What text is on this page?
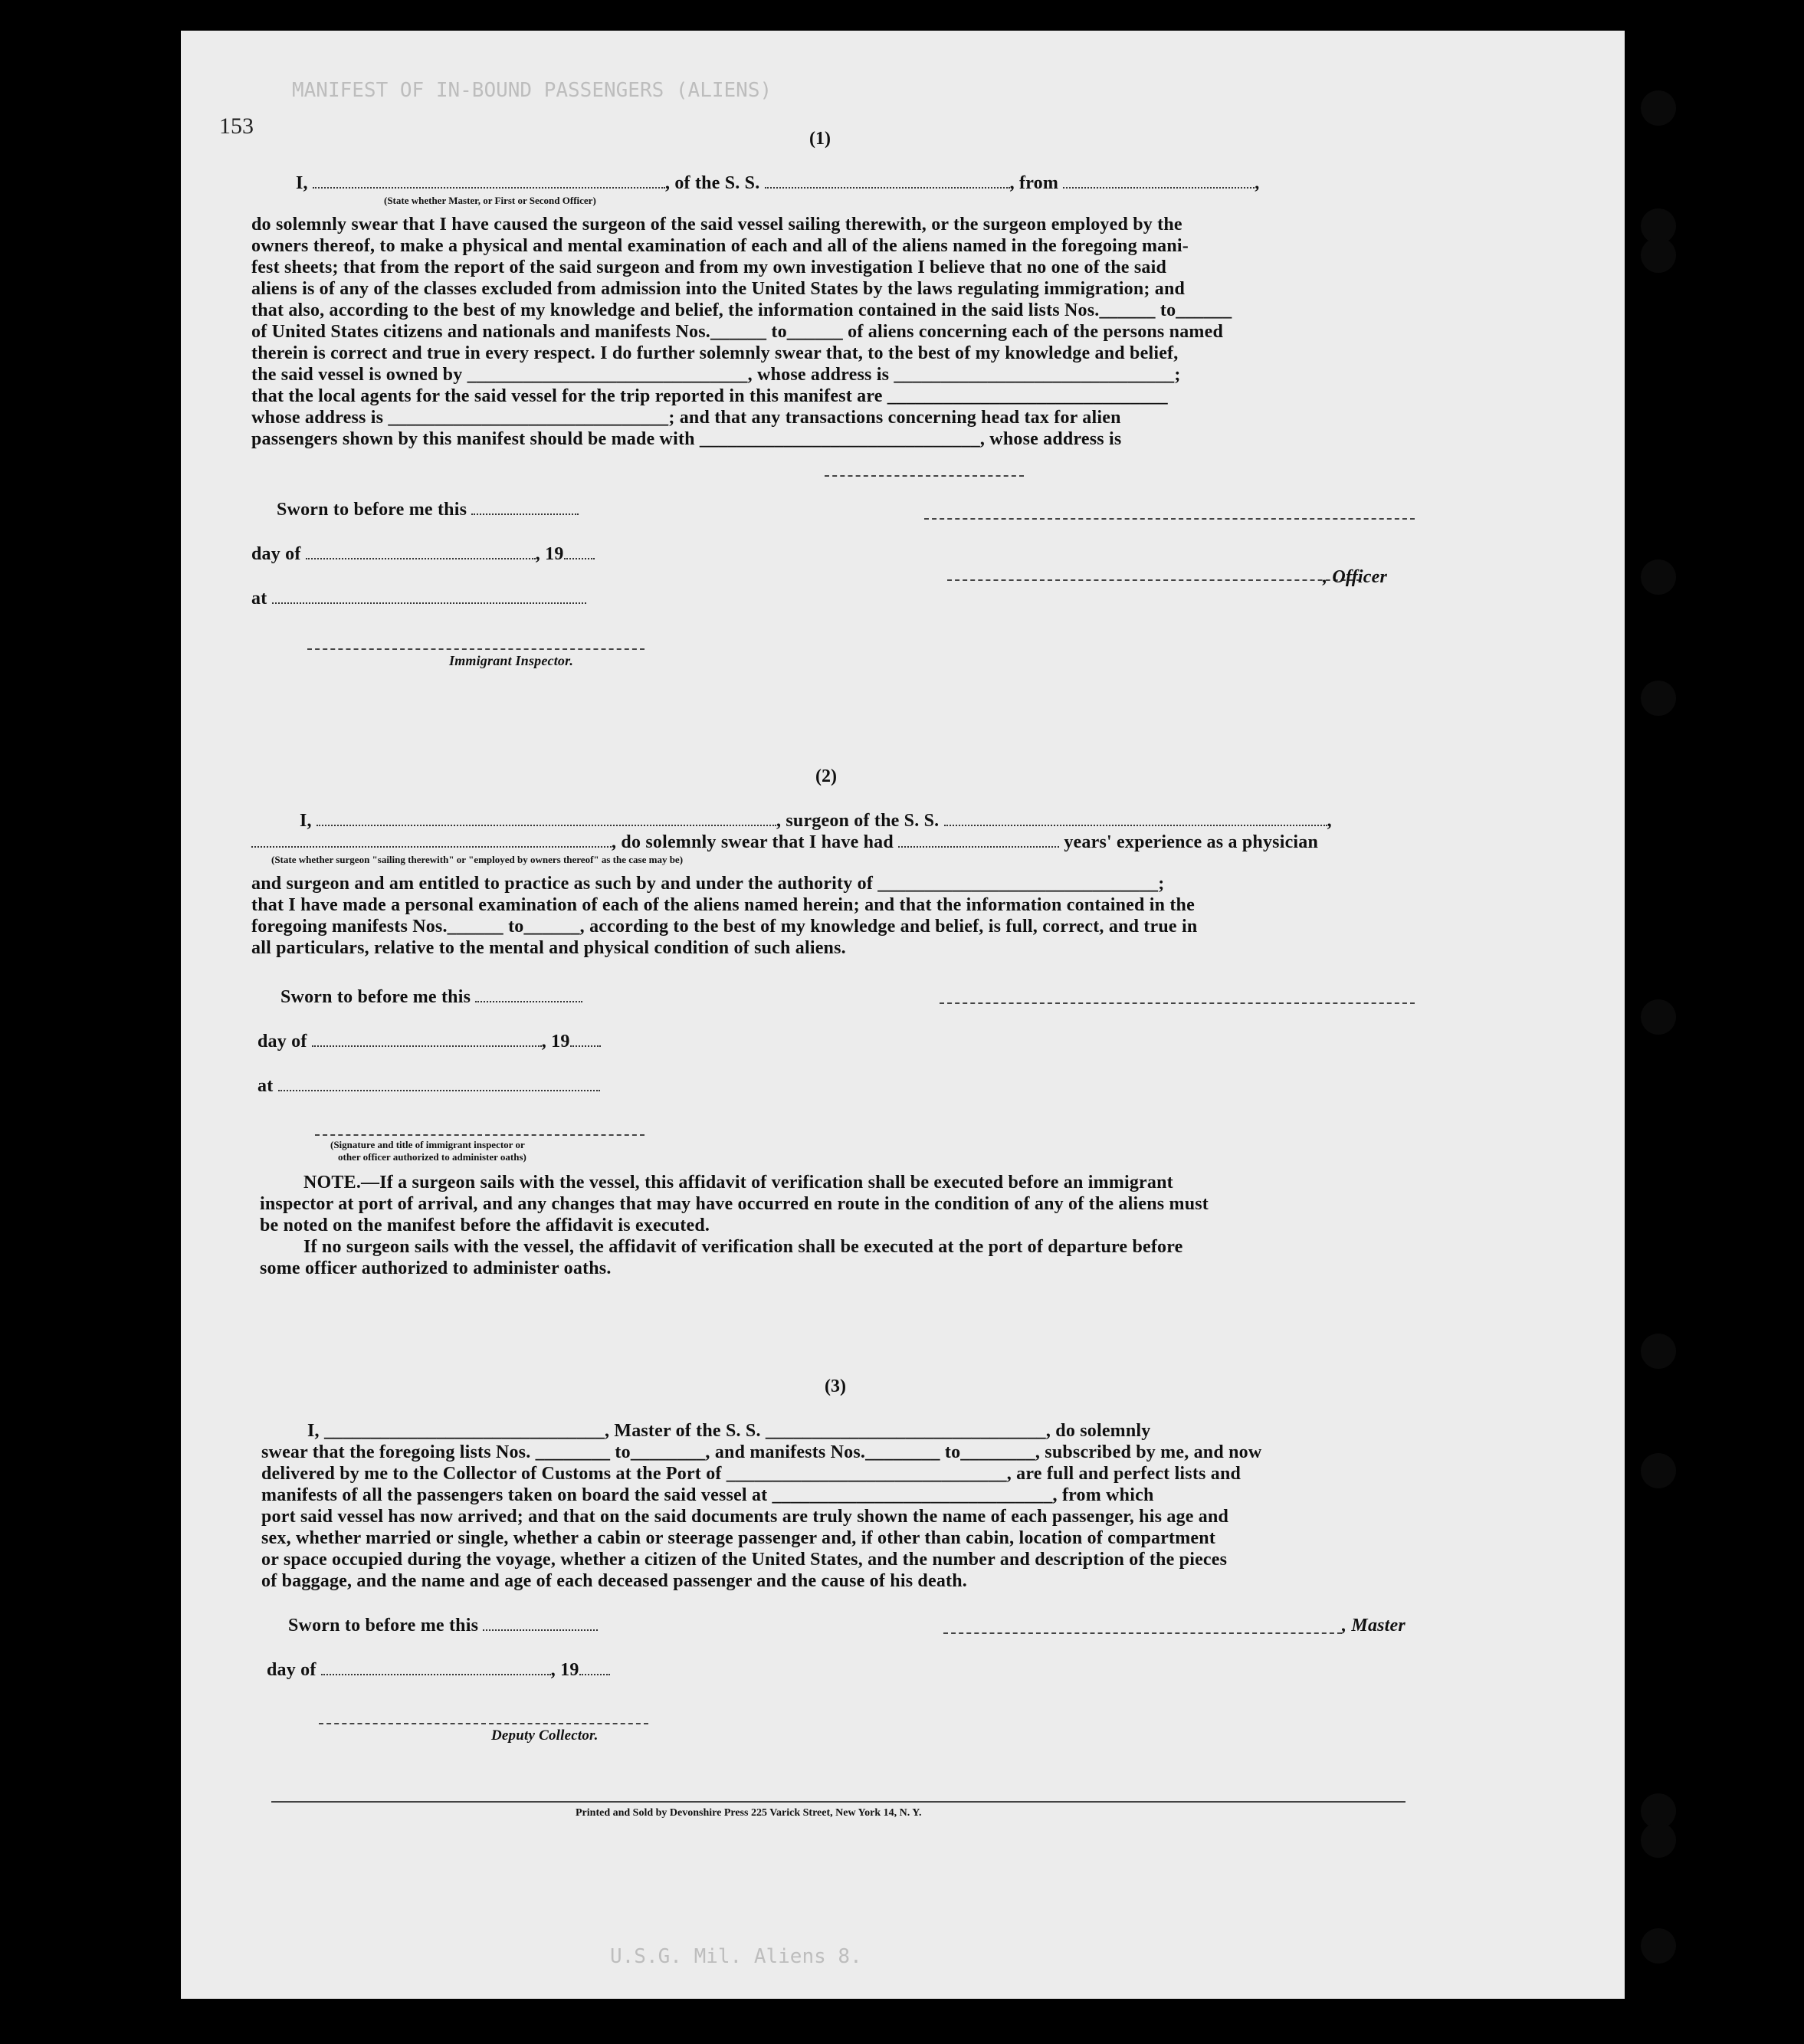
MANIFEST OF IN-BOUND PASSENGERS (ALIENS)
U.S.G. Mil. Aliens 8.
153	(1)
I,	, of the S. S.	, from	,
(State whether Master, or First or Second Officer)
do solemnly swear that I have caused the surgeon of the said vessel sailing therewith, or the surgeon employed by the
owners thereof, to make a physical and mental examination of each and all of the aliens named in the foregoing mani-
fest sheets; that from the report of the said surgeon and from my own investigation I believe that no one of the said
aliens is of any of the classes excluded from admission into the United States by the laws regulating immigration; and
that also, according to the best of my knowledge and belief, the information contained in the said lists Nos.______ to______
of United States citizens and nationals and manifests Nos.______ to______ of aliens concerning each of the persons named
therein is correct and true in every respect. I do further solemnly swear that, to the best of my knowledge and belief,
the said vessel is owned by ______________________________, whose address is ______________________________;
that the local agents for the said vessel for the trip reported in this manifest are ______________________________
whose address is ______________________________; and that any transactions concerning head tax for alien
passengers shown by this manifest should be made with ______________________________, whose address is
Sworn to before me this
day of	, 19
at
Immigrant Inspector.
, Officer
(2)
I,	, surgeon of the S. S.	,
, do solemnly swear that I have had	years' experience as a physician
(State whether surgeon "sailing therewith" or "employed by owners thereof" as the case may be)
and surgeon and am entitled to practice as such by and under the authority of ______________________________;
that I have made a personal examination of each of the aliens named herein; and that the information contained in the
foregoing manifests Nos.______ to______, according to the best of my knowledge and belief, is full, correct, and true in
all particulars, relative to the mental and physical condition of such aliens.
Sworn to before me this
day of	, 19
at
(Signature and title of immigrant inspector or
other officer authorized to administer oaths)
NOTE.—If a surgeon sails with the vessel, this affidavit of verification shall be executed before an immigrant
inspector at port of arrival, and any changes that may have occurred en route in the condition of any of the aliens must
be noted on the manifest before the affidavit is executed.
If no surgeon sails with the vessel, the affidavit of verification shall be executed at the port of departure before
some officer authorized to administer oaths.
(3)
I, ______________________________, Master of the S. S. ______________________________, do solemnly
swear that the foregoing lists Nos. ________ to________, and manifests Nos.________ to________, subscribed by me, and now
delivered by me to the Collector of Customs at the Port of ______________________________, are full and perfect lists and
manifests of all the passengers taken on board the said vessel at ______________________________, from which
port said vessel has now arrived; and that on the said documents are truly shown the name of each passenger, his age and
sex, whether married or single, whether a cabin or steerage passenger and, if other than cabin, location of compartment
or space occupied during the voyage, whether a citizen of the United States, and the number and description of the pieces
of baggage, and the name and age of each deceased passenger and the cause of his death.
Sworn to before me this	, Master
day of	, 19
Deputy Collector.
Printed and Sold by Devonshire Press 225 Varick Street, New York 14, N. Y.
